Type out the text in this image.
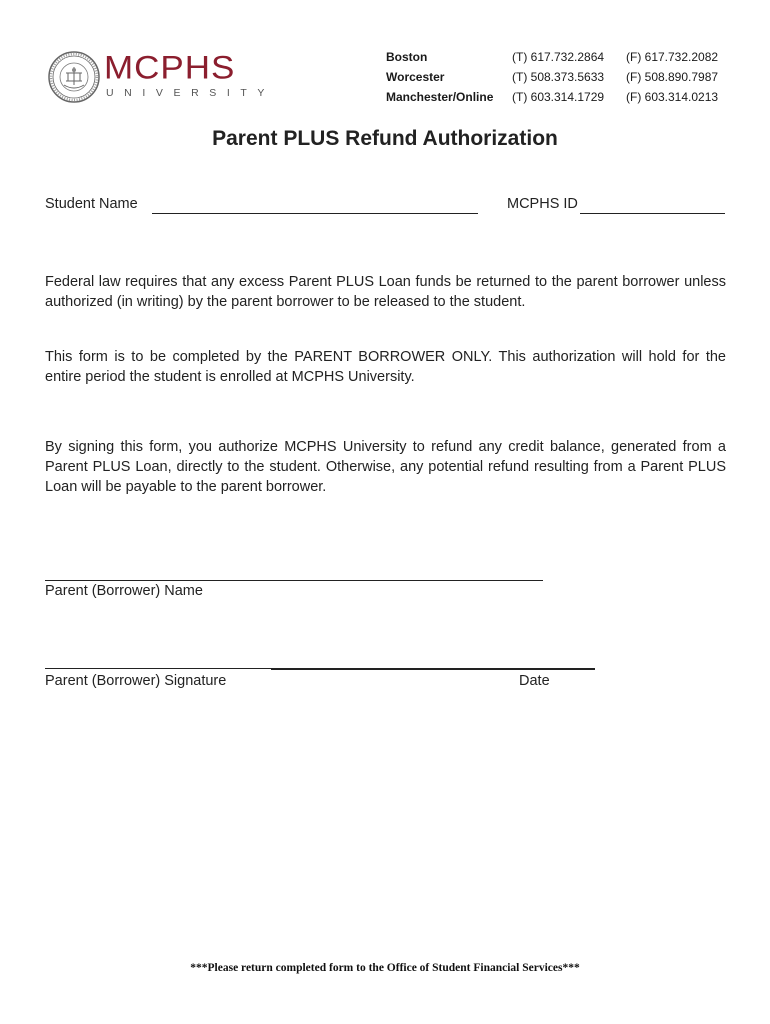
MCPHS
UNIVERSITY
Boston	(T) 617.732.2864	(F) 617.732.2082
Worcester	(T) 508.373.5633	(F) 508.890.7987
Manchester/Online	(T) 603.314.1729	(F) 603.314.0213
Parent PLUS Refund Authorization
Student Name	MCPHS ID
Federal law requires that any excess Parent PLUS Loan funds be returned to the parent borrower unless authorized (in writing) by the parent borrower to be released to the student.
This form is to be completed by the PARENT BORROWER ONLY. This authorization will hold for the entire period the student is enrolled at MCPHS University.
By signing this form, you authorize MCPHS University to refund any credit balance, generated from a Parent PLUS Loan, directly to the student. Otherwise, any potential refund resulting from a Parent PLUS Loan will be payable to the parent borrower.
Parent (Borrower) Name
Parent (Borrower) Signature	Date
***Please return completed form to the Office of Student Financial Services***
